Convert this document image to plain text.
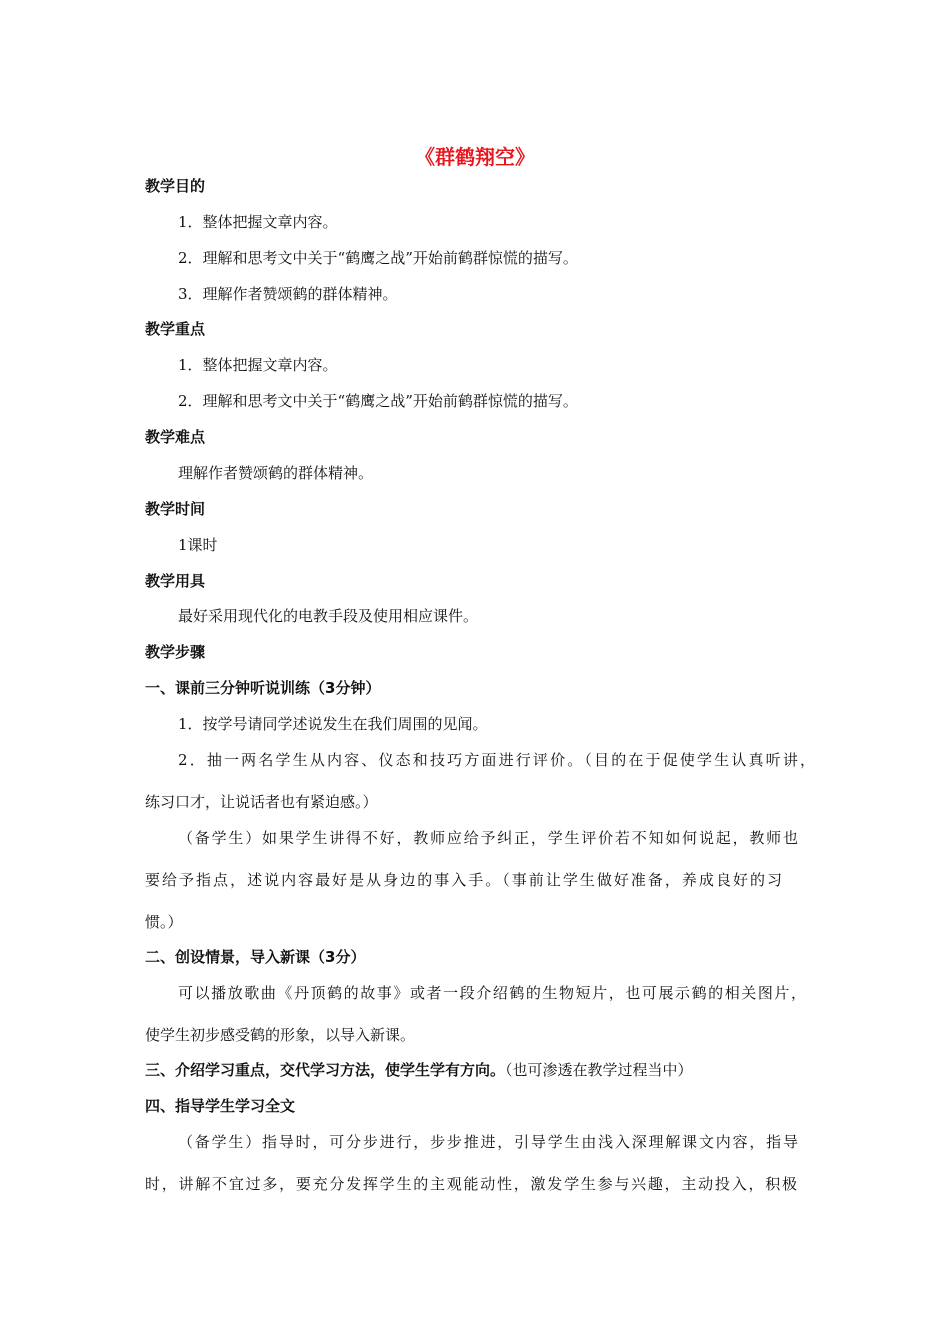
《群鹤翔空》
教学目的
1．整体把握文章内容。
2．理解和思考文中关于“鹤鹰之战”开始前鹤群惊慌的描写。
3．理解作者赞颂鹤的群体精神。
教学重点
1．整体把握文章内容。
2．理解和思考文中关于“鹤鹰之战”开始前鹤群惊慌的描写。
教学难点
理解作者赞颂鹤的群体精神。
教学时间
1课时
教学用具
最好采用现代化的电教手段及使用相应课件。
教学步骤
一、课前三分钟听说训练（3分钟）
1．按学号请同学述说发生在我们周围的见闻。
2．抽一两名学生从内容、仪态和技巧方面进行评价。（目的在于促使学生认真听讲，
练习口才，让说话者也有紧迫感。）
（备学生）如果学生讲得不好，教师应给予纠正，学生评价若不知如何说起，教师也
要给予指点，述说内容最好是从身边的事入手。（事前让学生做好准备，养成良好的习
惯。）
二、创设情景，导入新课（3分）
可以播放歌曲《丹顶鹤的故事》或者一段介绍鹤的生物短片，也可展示鹤的相关图片，
使学生初步感受鹤的形象，以导入新课。
三、介绍学习重点，交代学习方法，使学生学有方向。（也可渗透在教学过程当中）
四、指导学生学习全文
（备学生）指导时，可分步进行，步步推进，引导学生由浅入深理解课文内容，指导
时，讲解不宜过多，要充分发挥学生的主观能动性，激发学生参与兴趣，主动投入，积极
